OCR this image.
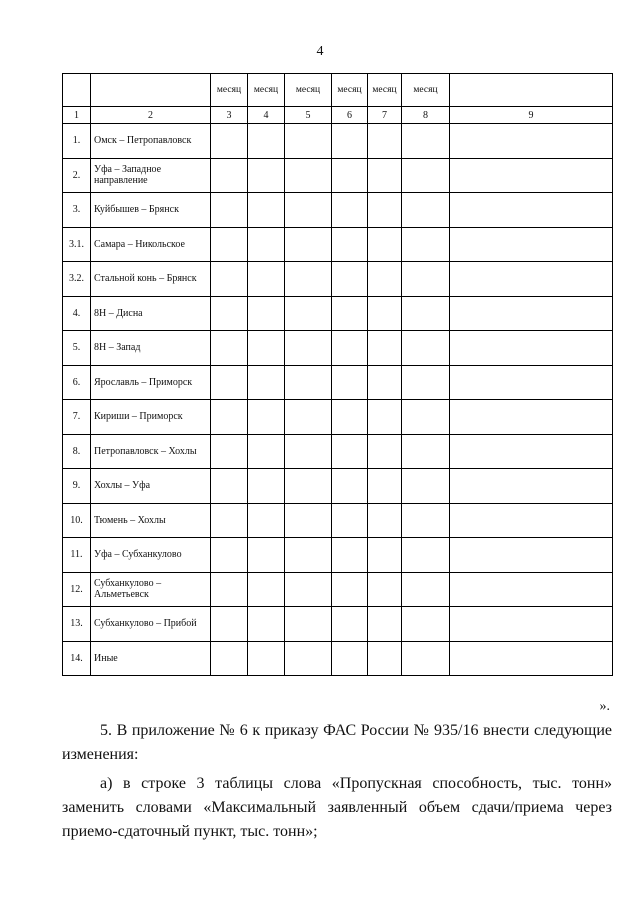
4
		месяц	месяц	месяц	месяц	месяц	месяц	
1	2	3	4	5	6	7	8	9
1.	Омск – Петропавловск							
2.	Уфа – Западное направление							
3.	Куйбышев – Брянск							
3.1.	Самара – Никольское							
3.2.	Стальной конь – Брянск							
4.	8Н – Дисна							
5.	8Н – Запад							
6.	Ярославль – Приморск							
7.	Кириши – Приморск							
8.	Петропавловск – Хохлы							
9.	Хохлы – Уфа							
10.	Тюмень – Хохлы							
11.	Уфа – Субханкулово							
12.	Субханкулово – Альметьевск							
13.	Субханкулово – Прибой							
14.	Иные							
».
5. В приложение № 6 к приказу ФАС России № 935/16 внести следующие изменения:
а) в строке 3 таблицы слова «Пропускная способность, тыс. тонн» заменить словами «Максимальный заявленный объем сдачи/приема через приемо-сдаточный пункт, тыс. тонн»;
